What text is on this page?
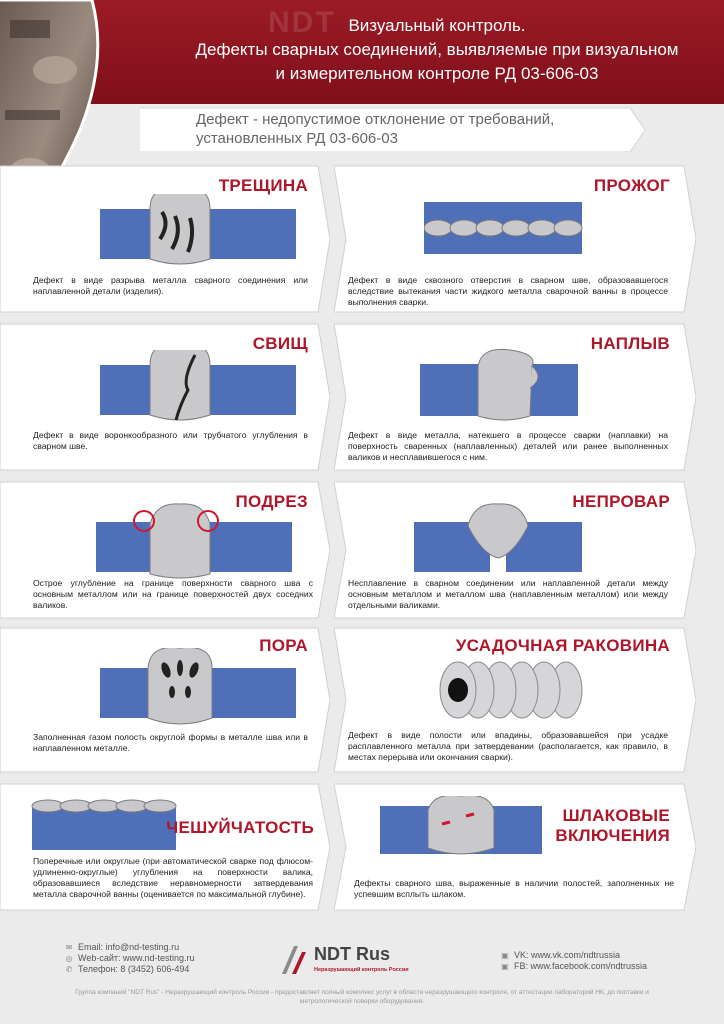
NDT Визуальный контроль.
Дефекты сварных соединений, выявляемые при визуальном
и измерительном контроле РД 03-606-03
Дефект - недопустимое отклонение от требований,
установленных РД 03-606-03
ТРЕЩИНА
Дефект в виде разрыва металла сварного соединения или наплавленной детали (изделия).
ПРОЖОГ
Дефект в виде сквозного отверстия в сварном шве, образовавшегося вследствие вытекания части жидкого металла сварочной ванны в процессе выполнения сварки.
СВИЩ
Дефект в виде воронкообразного или трубчатого углубления в сварном шве.
НАПЛЫВ
Дефект в виде металла, натекшего в процессе сварки (наплавки) на поверхность сваренных (наплавленных) деталей или ранее выполненных валиков и несплавившегося с ним.
ПОДРЕЗ
Острое углубление на границе поверхности сварного шва с основным металлом или на границе поверхностей двух соседних валиков.
НЕПРОВАР
Несплавление в сварном соединении или наплавленной детали между основным металлом и металлом шва (наплавленным металлом) или между отдельными валиками.
ПОРА
Заполненная газом полость округлой формы в металле шва или в наплавленном металле.
УСАДОЧНАЯ РАКОВИНА
Дефект в виде полости или впадины, образовавшейся при усадке расплавленного металла при затвердевании (располагается, как правило, в местах перерыва или окончания сварки).
ЧЕШУЙЧАТОСТЬ
Поперечные или округлые (при автоматической сварке под флюсом-удлиненно-округлые) углубления на поверхности валика, образовавшиеся вследствие неравномерности затвердевания металла сварочной ванны (оценивается по максимальной глубине).
ШЛАКОВЫЕ
ВКЛЮЧЕНИЯ
Дефекты сварного шва, выраженные в наличии полостей, заполненных не успевшим всплыть шлаком.
✉ Email: info@nd-testing.ru
◎ Web-сайт: www.nd-testing.ru
✆ Телефон: 8 (3452) 606-494
NDT Rus
Неразрушающий контроль России
▣ VK: www.vk.com/ndtrussia
▣ FB: www.facebook.com/ndtrussia
Группа компаний "NDT Rus" - Неразрушающий контроль России - предоставляет полный комплекс услуг в области неразрушающего контроля, от аттестации лабораторий НК, до поставки и
метрологической поверки оборудования.
